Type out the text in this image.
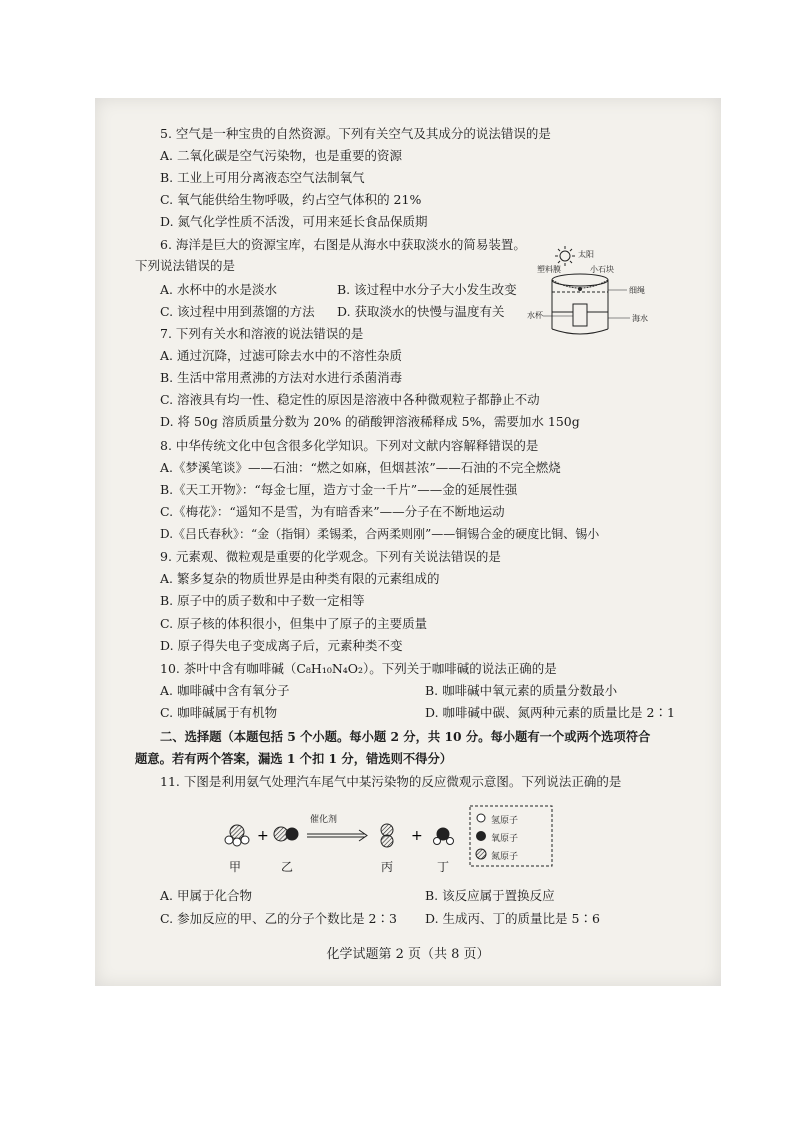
5. 空气是一种宝贵的自然资源。下列有关空气及其成分的说法错误的是
A. 二氧化碳是空气污染物，也是重要的资源
B. 工业上可用分离液态空气法制氧气
C. 氧气能供给生物呼吸，约占空气体积的 21%
D. 氮气化学性质不活泼，可用来延长食品保质期
6. 海洋是巨大的资源宝库，右图是从海水中获取淡水的简易装置。
下列说法错误的是
A. 水杯中的水是淡水	B. 该过程中水分子大小发生改变
C. 该过程中用到蒸馏的方法 D. 获取淡水的快慢与温度有关
太阳
塑料膜	小石块
细绳
水杯	海水
7. 下列有关水和溶液的说法错误的是
A. 通过沉降，过滤可除去水中的不溶性杂质
B. 生活中常用煮沸的方法对水进行杀菌消毒
C. 溶液具有均一性、稳定性的原因是溶液中各种微观粒子都静止不动
D. 将 50g 溶质质量分数为 20% 的硝酸钾溶液稀释成 5%，需要加水 150g
8. 中华传统文化中包含很多化学知识。下列对文献内容解释错误的是
A.《梦溪笔谈》——石油：“燃之如麻，但烟甚浓”——石油的不完全燃烧
B.《天工开物》：“每金七厘，造方寸金一千片”——金的延展性强
C.《梅花》：“遥知不是雪，为有暗香来”——分子在不断地运动
D.《吕氏春秋》：“金（指铜）柔锡柔，合两柔则刚”——铜锡合金的硬度比铜、锡小
9. 元素观、微粒观是重要的化学观念。下列有关说法错误的是
A. 繁多复杂的物质世界是由种类有限的元素组成的
B. 原子中的质子数和中子数一定相等
C. 原子核的体积很小，但集中了原子的主要质量
D. 原子得失电子变成离子后，元素种类不变
10. 茶叶中含有咖啡碱（C₈H₁₀N₄O₂）。下列关于咖啡碱的说法正确的是
A. 咖啡碱中含有氧分子	B. 咖啡碱中氧元素的质量分数最小
C. 咖啡碱属于有机物	D. 咖啡碱中碳、氮两种元素的质量比是 2∶1
二、选择题（本题包括 5 个小题。每小题 2 分，共 10 分。每小题有一个或两个选项符合
题意。若有两个答案，漏选 1 个扣 1 分，错选则不得分）
11. 下图是利用氨气处理汽车尾气中某污染物的反应微观示意图。下列说法正确的是
+	+
催化剂
甲	乙	丙	丁
氢原子
氧原子
氮原子
A. 甲属于化合物	B. 该反应属于置换反应
C. 参加反应的甲、乙的分子个数比是 2∶3 D. 生成丙、丁的质量比是 5∶6
化学试题第 2 页（共 8 页）
